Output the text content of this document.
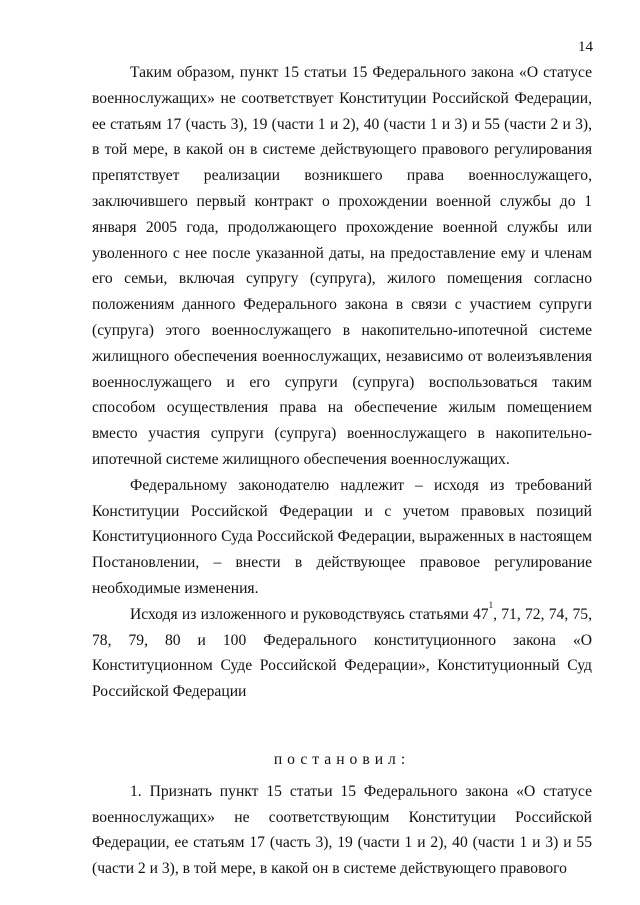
14

Таким образом, пункт 15 статьи 15 Федерального закона «О статусе военнослужащих» не соответствует Конституции Российской Федерации, ее статьям 17 (часть 3), 19 (части 1 и 2), 40 (части 1 и 3) и 55 (части 2 и 3), в той мере, в какой он в системе действующего правового регулирования препятствует реализации возникшего права военнослужащего, заключившего первый контракт о прохождении военной службы до 1 января 2005 года, продолжающего прохождение военной службы или уволенного с нее после указанной даты, на предоставление ему и членам его семьи, включая супругу (супруга), жилого помещения согласно положениям данного Федерального закона в связи с участием супруги (супруга) этого военнослужащего в накопительно-ипотечной системе жилищного обеспечения военнослужащих, независимо от волеизъявления военнослужащего и его супруги (супруга) воспользоваться таким способом осуществления права на обеспечение жилым помещением вместо участия супруги (супруга) военнослужащего в накопительно-ипотечной системе жилищного обеспечения военнослужащих.

Федеральному законодателю надлежит – исходя из требований Конституции Российской Федерации и с учетом правовых позиций Конституционного Суда Российской Федерации, выраженных в настоящем Постановлении, – внести в действующее правовое регулирование необходимые изменения.

Исходя из изложенного и руководствуясь статьями $47^1$, 71, 72, 74, 75, 78, 79, 80 и 100 Федерального конституционного закона «О Конституционном Суде Российской Федерации», Конституционный Суд Российской Федерации

постановил:

1. Признать пункт 15 статьи 15 Федерального закона «О статусе военнослужащих» не соответствующим Конституции Российской Федерации, ее статьям 17 (часть 3), 19 (части 1 и 2), 40 (части 1 и 3) и 55 (части 2 и 3), в той мере, в какой он в системе действующего правового
